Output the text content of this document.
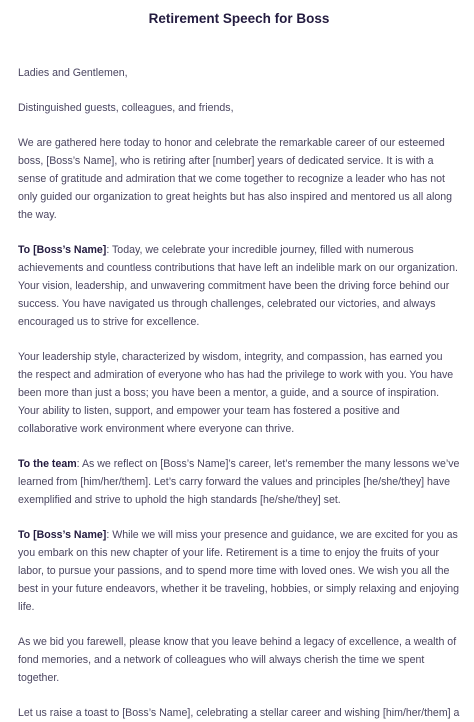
Retirement Speech for Boss

Ladies and Gentlemen,

Distinguished guests, colleagues, and friends,

We are gathered here today to honor and celebrate the remarkable career of our esteemed boss, [Boss’s Name], who is retiring after [number] years of dedicated service. It is with a sense of gratitude and admiration that we come together to recognize a leader who has not only guided our organization to great heights but has also inspired and mentored us all along the way.

To [Boss’s Name]: Today, we celebrate your incredible journey, filled with numerous achievements and countless contributions that have left an indelible mark on our organization. Your vision, leadership, and unwavering commitment have been the driving force behind our success. You have navigated us through challenges, celebrated our victories, and always encouraged us to strive for excellence.

Your leadership style, characterized by wisdom, integrity, and compassion, has earned you the respect and admiration of everyone who has had the privilege to work with you. You have been more than just a boss; you have been a mentor, a guide, and a source of inspiration. Your ability to listen, support, and empower your team has fostered a positive and collaborative work environment where everyone can thrive.

To the team: As we reflect on [Boss’s Name]’s career, let’s remember the many lessons we’ve learned from [him/her/them]. Let’s carry forward the values and principles [he/she/they] have exemplified and strive to uphold the high standards [he/she/they] set.

To [Boss’s Name]: While we will miss your presence and guidance, we are excited for you as you embark on this new chapter of your life. Retirement is a time to enjoy the fruits of your labor, to pursue your passions, and to spend more time with loved ones. We wish you all the best in your future endeavors, whether it be traveling, hobbies, or simply relaxing and enjoying life.

As we bid you farewell, please know that you leave behind a legacy of excellence, a wealth of fond memories, and a network of colleagues who will always cherish the time we spent together.

Let us raise a toast to [Boss’s Name], celebrating a stellar career and wishing [him/her/them] a
